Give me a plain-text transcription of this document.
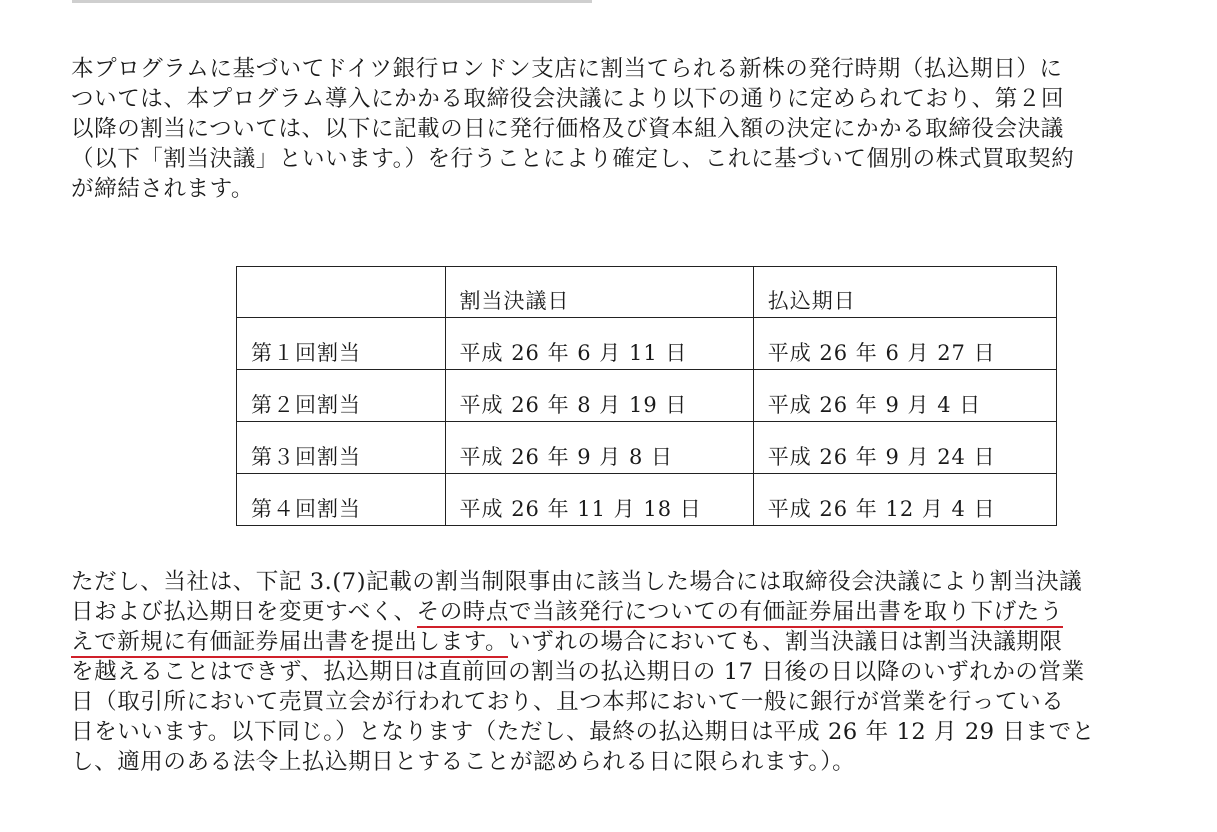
本プログラムに基づいてドイツ銀行ロンドン支店に割当てられる新株の発行時期（払込期日）に
ついては、本プログラム導入にかかる取締役会決議により以下の通りに定められており、第２回
以降の割当については、以下に記載の日に発行価格及び資本組入額の決定にかかる取締役会決議
（以下「割当決議」といいます。）を行うことにより確定し、これに基づいて個別の株式買取契約
が締結されます。

	割当決議日	払込期日
第１回割当	平成 26 年 6 月 11 日	平成 26 年 6 月 27 日
第２回割当	平成 26 年 8 月 19 日	平成 26 年 9 月 4 日
第３回割当	平成 26 年 9 月 8 日	平成 26 年 9 月 24 日
第４回割当	平成 26 年 11 月 18 日	平成 26 年 12 月 4 日

ただし、当社は、下記 3.(7)記載の割当制限事由に該当した場合には取締役会決議により割当決議
日および払込期日を変更すべく、その時点で当該発行についての有価証券届出書を取り下げたう
えで新規に有価証券届出書を提出します。いずれの場合においても、割当決議日は割当決議期限
を越えることはできず、払込期日は直前回の割当の払込期日の 17 日後の日以降のいずれかの営業
日（取引所において売買立会が行われており、且つ本邦において一般に銀行が営業を行っている
日をいいます。以下同じ。）となります（ただし、最終の払込期日は平成 26 年 12 月 29 日までと
し、適用のある法令上払込期日とすることが認められる日に限られます。）。
